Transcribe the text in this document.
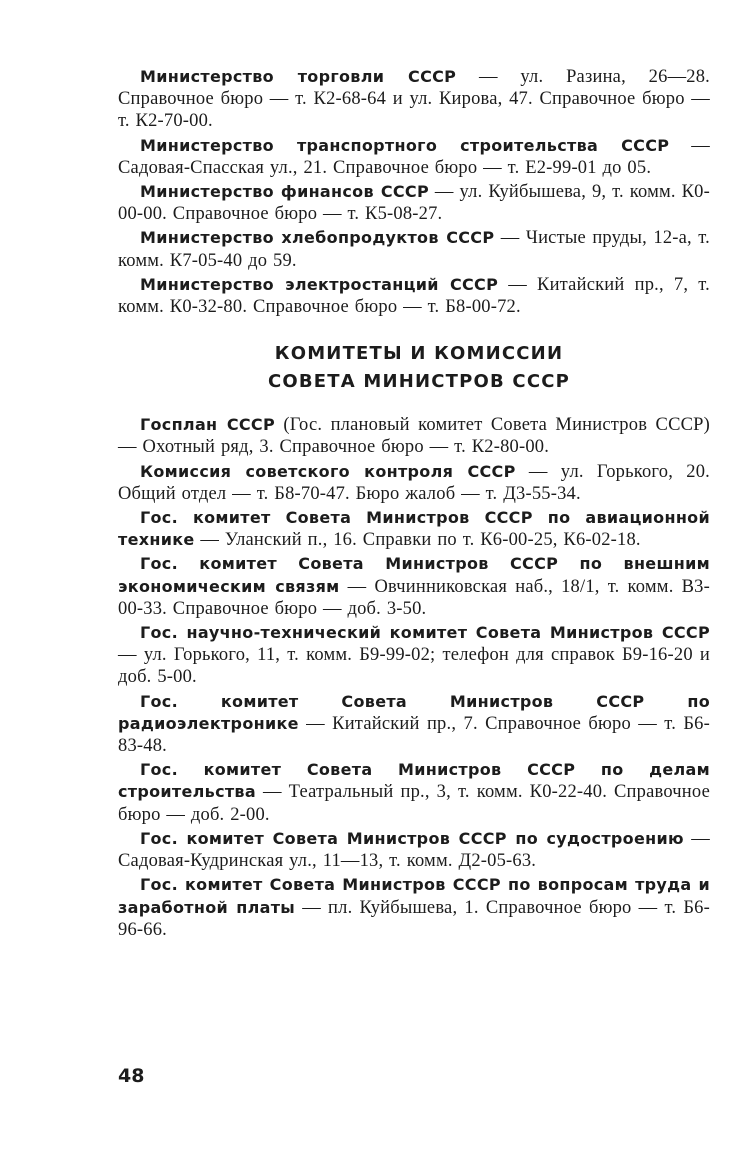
Министерство торговли СССР — ул. Разина, 26—28. Справочное бюро — т. К2-68-64 и ул. Кирова, 47. Справочное бюро — т. К2-70-00.

Министерство транспортного строительства СССР — Садовая-Спасская ул., 21. Справочное бюро — т. Е2-99-01 до 05.

Министерство финансов СССР — ул. Куйбышева, 9, т. комм. К0-00-00. Справочное бюро — т. К5-08-27.

Министерство хлебопродуктов СССР — Чистые пруды, 12-а, т. комм. К7-05-40 до 59.

Министерство электростанций СССР — Китайский пр., 7, т. комм. К0-32-80. Справочное бюро — т. Б8-00-72.

КОМИТЕТЫ И КОМИССИИ
СОВЕТА МИНИСТРОВ СССР

Госплан СССР (Гос. плановый комитет Совета Министров СССР) — Охотный ряд, 3. Справочное бюро — т. К2-80-00.

Комиссия советского контроля СССР — ул. Горького, 20. Общий отдел — т. Б8-70-47. Бюро жалоб — т. Д3-55-34.

Гос. комитет Совета Министров СССР по авиационной технике — Уланский п., 16. Справки по т. К6-00-25, К6-02-18.

Гос. комитет Совета Министров СССР по внешним экономическим связям — Овчинниковская наб., 18/1, т. комм. В3-00-33. Справочное бюро — доб. 3-50.

Гос. научно-технический комитет Совета Министров СССР — ул. Горького, 11, т. комм. Б9-99-02; телефон для справок Б9-16-20 и доб. 5-00.

Гос. комитет Совета Министров СССР по радиоэлектронике — Китайский пр., 7. Справочное бюро — т. Б6-83-48.

Гос. комитет Совета Министров СССР по делам строительства — Театральный пр., 3, т. комм. К0-22-40. Справочное бюро — доб. 2-00.

Гос. комитет Совета Министров СССР по судостроению — Садовая-Кудринская ул., 11—13, т. комм. Д2-05-63.

Гос. комитет Совета Министров СССР по вопросам труда и заработной платы — пл. Куйбышева, 1. Справочное бюро — т. Б6-96-66.

48
